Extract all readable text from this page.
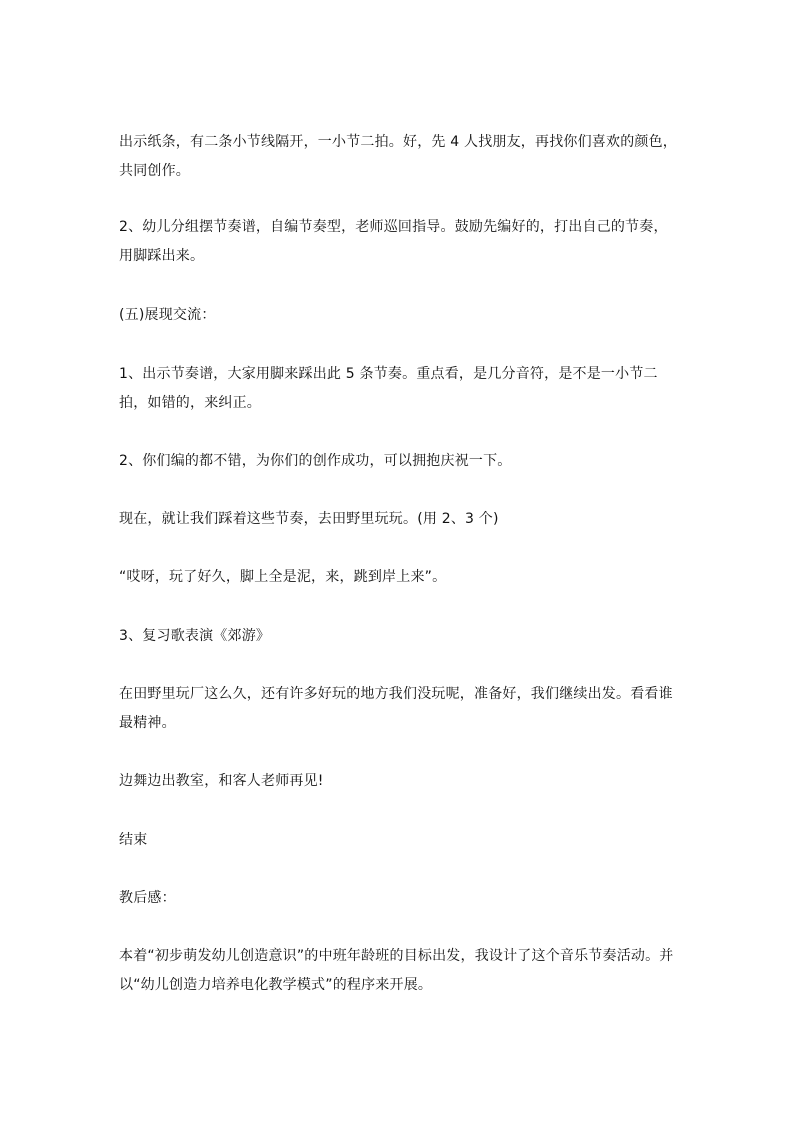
出示纸条，有二条小节线隔开，一小节二拍。好，先 4 人找朋友，再找你们喜欢的颜色，共同创作。

2、幼儿分组摆节奏谱，自编节奏型，老师巡回指导。鼓励先编好的，打出自己的节奏，用脚踩出来。

(五)展现交流：

1、出示节奏谱，大家用脚来踩出此 5 条节奏。重点看，是几分音符，是不是一小节二拍，如错的，来纠正。

2、你们编的都不错，为你们的创作成功，可以拥抱庆祝一下。

现在，就让我们踩着这些节奏，去田野里玩玩。(用 2、3 个)

“哎呀，玩了好久，脚上全是泥，来，跳到岸上来”。

3、复习歌表演《郊游》

在田野里玩厂这么久，还有许多好玩的地方我们没玩呢，准备好，我们继续出发。看看谁最精神。

边舞边出教室，和客人老师再见!

结束

教后感：

本着“初步萌发幼儿创造意识”的中班年龄班的目标出发，我设计了这个音乐节奏活动。并以“幼儿创造力培养电化教学模式”的程序来开展。
